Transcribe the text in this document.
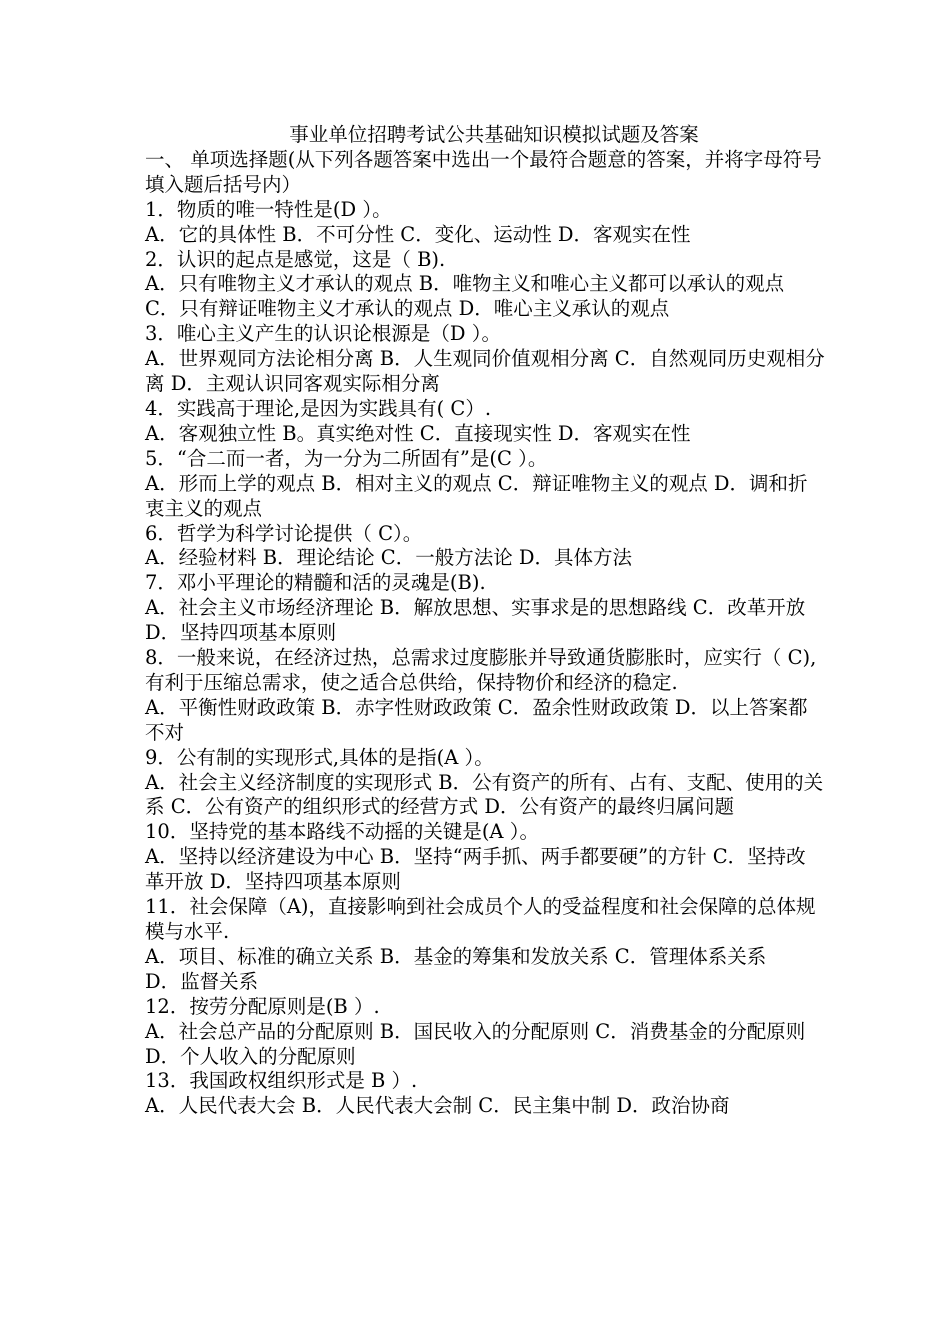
事业单位招聘考试公共基础知识模拟试题及答案
一、 单项选择题(从下列各题答案中选出一个最符合题意的答案，并将字母符号填入题后括号内）
1．物质的唯一特性是(D ）。
A．它的具体性 B．不可分性 C．变化、运动性 D．客观实在性
2．认识的起点是感觉，这是（ B).
A．只有唯物主义才承认的观点 B．唯物主义和唯心主义都可以承认的观点
C．只有辩证唯物主义才承认的观点 D．唯心主义承认的观点
3．唯心主义产生的认识论根源是（D ）。
A．世界观同方法论相分离 B．人生观同价值观相分离 C．自然观同历史观相分离 D．主观认识同客观实际相分离
4．实践高于理论,是因为实践具有( C）.
A．客观独立性 B。真实绝对性 C．直接现实性 D．客观实在性
5．“合二而一者，为一分为二所固有”是(C ）。
A．形而上学的观点 B．相对主义的观点 C．辩证唯物主义的观点 D．调和折衷主义的观点
6．哲学为科学讨论提供（ C）。
A．经验材料 B．理论结论 C．一般方法论 D．具体方法
7．邓小平理论的精髓和活的灵魂是(B).
A．社会主义市场经济理论 B．解放思想、实事求是的思想路线 C．改革开放 D．坚持四项基本原则
8．一般来说，在经济过热，总需求过度膨胀并导致通货膨胀时，应实行（ C),有利于压缩总需求，使之适合总供给，保持物价和经济的稳定.
A．平衡性财政政策 B．赤字性财政政策 C．盈余性财政政策 D．以上答案都不对
9．公有制的实现形式,具体的是指(A ）。
A．社会主义经济制度的实现形式 B．公有资产的所有、占有、支配、使用的关系 C．公有资产的组织形式的经营方式 D．公有资产的最终归属问题
10．坚持党的基本路线不动摇的关键是(A ）。
A．坚持以经济建设为中心 B．坚持“两手抓、两手都要硬”的方针 C．坚持改革开放 D．坚持四项基本原则
11．社会保障（A)，直接影响到社会成员个人的受益程度和社会保障的总体规模与水平.
A．项目、标准的确立关系 B．基金的筹集和发放关系 C．管理体系关系
D．监督关系
12．按劳分配原则是(B ）.
A．社会总产品的分配原则 B．国民收入的分配原则 C．消费基金的分配原则 D．个人收入的分配原则
13．我国政权组织形式是 B ）.
A．人民代表大会 B．人民代表大会制 C．民主集中制 D．政治协商
